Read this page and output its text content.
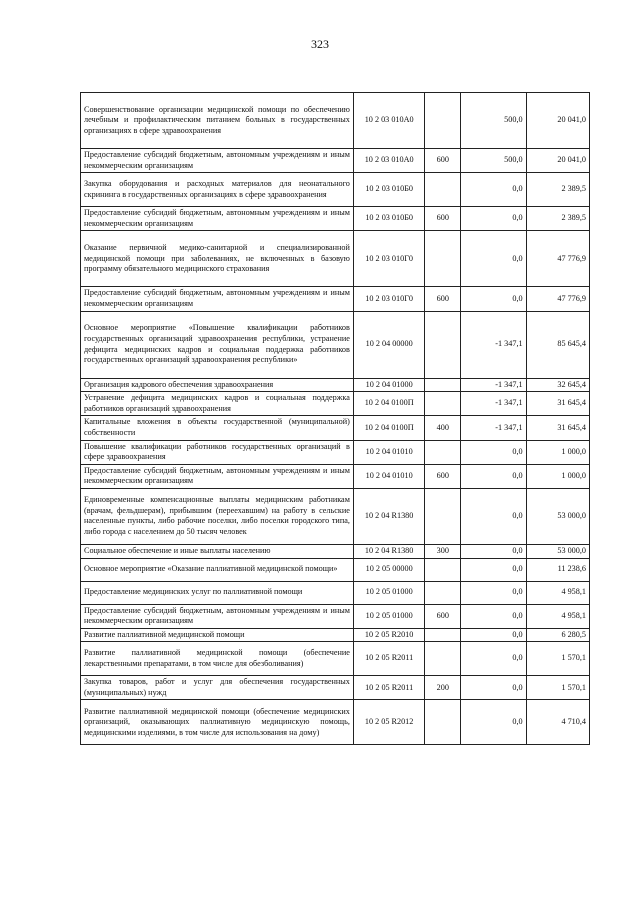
323
Совершенствование организации медицинской помощи по обеспечению лечебным и профилактическим питанием больных в государственных организациях в сфере здравоохранения	10 2 03 010А0		500,0	20 041,0
Предоставление субсидий бюджетным, автономным учреждениям и иным некоммерческим организациям	10 2 03 010А0	600	500,0	20 041,0
Закупка оборудования и расходных материалов для неонатального скрининга в государственных организациях в сфере здравоохранения	10 2 03 010Б0		0,0	2 389,5
Предоставление субсидий бюджетным, автономным учреждениям и иным некоммерческим организациям	10 2 03 010Б0	600	0,0	2 389,5
Оказание первичной медико-санитарной и специализированной медицинской помощи при заболеваниях, не включенных в базовую программу обязательного медицинского страхования	10 2 03 010Г0		0,0	47 776,9
Предоставление субсидий бюджетным, автономным учреждениям и иным некоммерческим организациям	10 2 03 010Г0	600	0,0	47 776,9
Основное мероприятие «Повышение квалификации работников государственных организаций здравоохранения республики, устранение дефицита медицинских кадров и социальная поддержка работников государственных организаций здравоохранения республики»	10 2 04 00000		-1 347,1	85 645,4
Организация кадрового обеспечения здравоохранения	10 2 04 01000		-1 347,1	32 645,4
Устранение дефицита медицинских кадров и социальная поддержка работников организаций здравоохранения	10 2 04 0100П		-1 347,1	31 645,4
Капитальные вложения в объекты государственной (муниципальной) собственности	10 2 04 0100П	400	-1 347,1	31 645,4
Повышение квалификации работников государственных организаций в сфере здравоохранения	10 2 04 01010		0,0	1 000,0
Предоставление субсидий бюджетным, автономным учреждениям и иным некоммерческим организациям	10 2 04 01010	600	0,0	1 000,0
Единовременные компенсационные выплаты медицинским работникам (врачам, фельдшерам), прибывшим (переехавшим) на работу в сельские населенные пункты, либо рабочие поселки, либо поселки городского типа, либо города с населением до 50 тысяч человек	10 2 04 R1380		0,0	53 000,0
Социальное обеспечение и иные выплаты населению	10 2 04 R1380	300	0,0	53 000,0
Основное мероприятие «Оказание паллиативной медицинской помощи»	10 2 05 00000		0,0	11 238,6
Предоставление медицинских услуг по паллиативной помощи	10 2 05 01000		0,0	4 958,1
Предоставление субсидий бюджетным, автономным учреждениям и иным некоммерческим организациям	10 2 05 01000	600	0,0	4 958,1
Развитие паллиативной медицинской помощи	10 2 05 R2010		0,0	6 280,5
Развитие паллиативной медицинской помощи (обеспечение лекарственными препаратами, в том числе для обезболивания)	10 2 05 R2011		0,0	1 570,1
Закупка товаров, работ и услуг для обеспечения государственных (муниципальных) нужд	10 2 05 R2011	200	0,0	1 570,1
Развитие паллиативной медицинской помощи (обеспечение медицинских организаций, оказывающих паллиативную медицинскую помощь, медицинскими изделиями, в том числе для использования на дому)	10 2 05 R2012		0,0	4 710,4
